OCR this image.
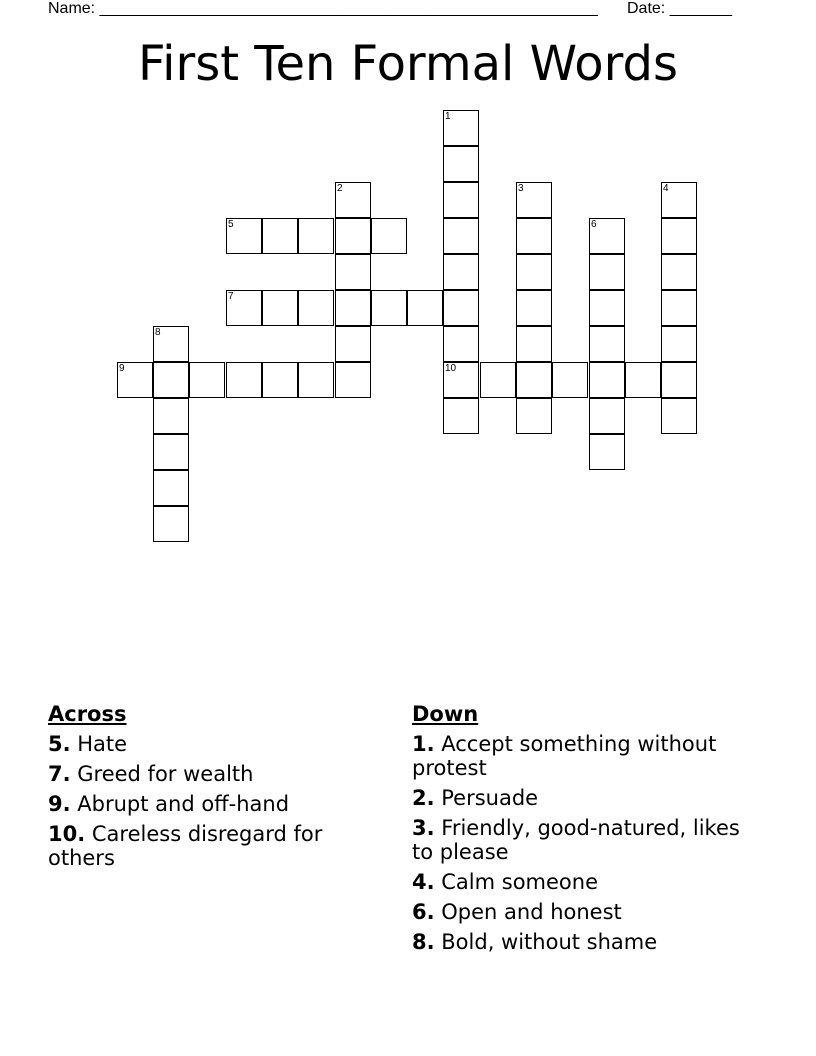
Name: ________________________________________________________ Date: _______
First Ten Formal Words
1
2	3	4
5	6
7
8
9	10
Across
5. Hate
7. Greed for wealth
9. Abrupt and off-hand
10. Careless disregard for others
Down
1. Accept something without protest
2. Persuade
3. Friendly, good-natured, likes to please
4. Calm someone
6. Open and honest
8. Bold, without shame
